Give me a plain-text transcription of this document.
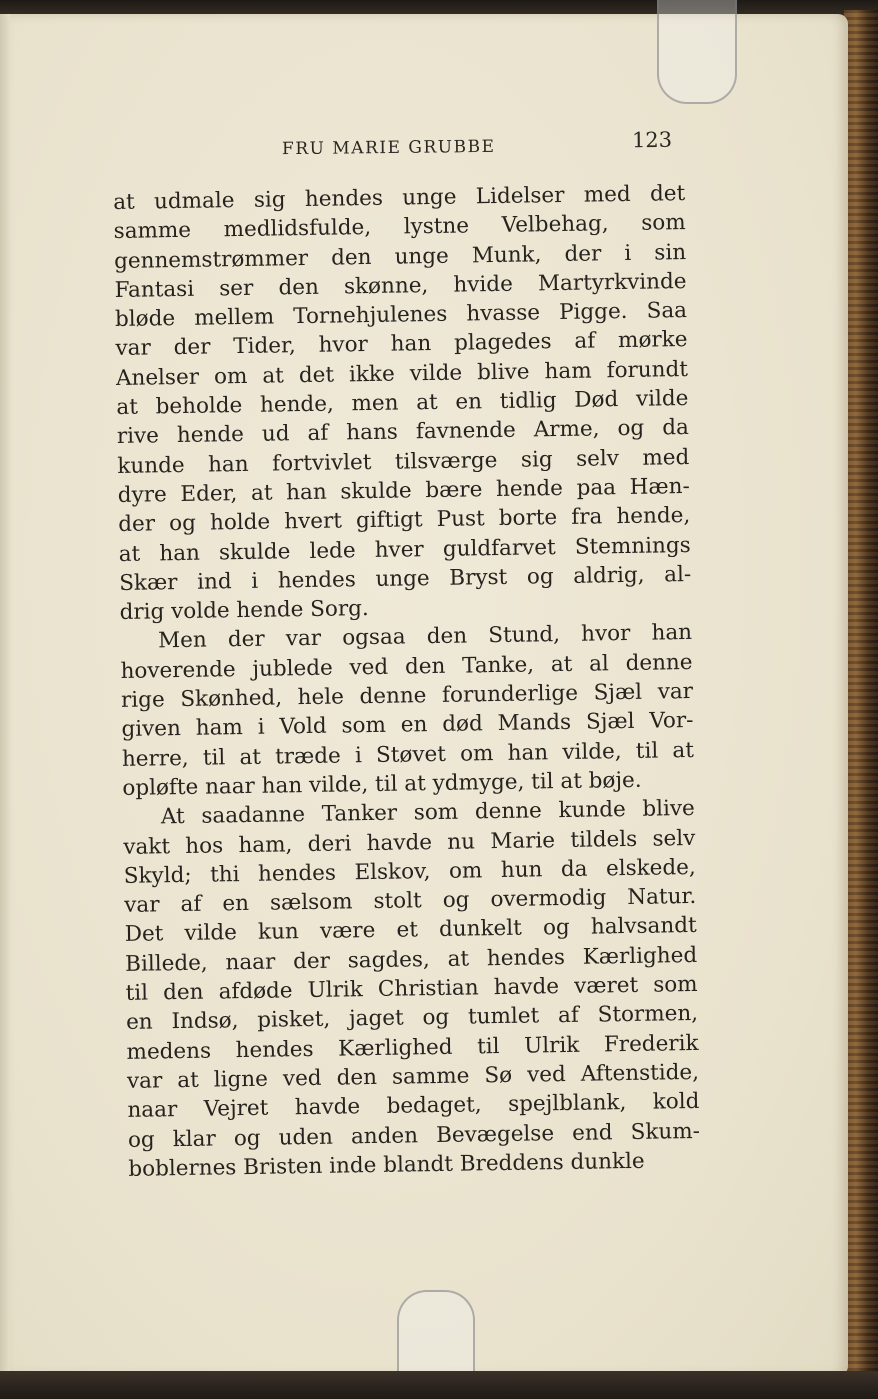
FRU MARIE GRUBBE	123
at udmale sig hendes unge Lidelser med det
samme medlidsfulde, lystne Velbehag, som
gennemstrømmer den unge Munk, der i sin
Fantasi ser den skønne, hvide Martyrkvinde
bløde mellem Tornehjulenes hvasse Pigge. Saa
var der Tider, hvor han plagedes af mørke
Anelser om at det ikke vilde blive ham forundt
at beholde hende, men at en tidlig Død vilde
rive hende ud af hans favnende Arme, og da
kunde han fortvivlet tilsværge sig selv med
dyre Eder, at han skulde bære hende paa Hæn-
der og holde hvert giftigt Pust borte fra hende,
at han skulde lede hver guldfarvet Stemnings
Skær ind i hendes unge Bryst og aldrig, al-
drig volde hende Sorg.
Men der var ogsaa den Stund, hvor han
hoverende jublede ved den Tanke, at al denne
rige Skønhed, hele denne forunderlige Sjæl var
given ham i Vold som en død Mands Sjæl Vor-
herre, til at træde i Støvet om han vilde, til at
opløfte naar han vilde, til at ydmyge, til at bøje.
At saadanne Tanker som denne kunde blive
vakt hos ham, deri havde nu Marie tildels selv
Skyld; thi hendes Elskov, om hun da elskede,
var af en sælsom stolt og overmodig Natur.
Det vilde kun være et dunkelt og halvsandt
Billede, naar der sagdes, at hendes Kærlighed
til den afdøde Ulrik Christian havde været som
en Indsø, pisket, jaget og tumlet af Stormen,
medens hendes Kærlighed til Ulrik Frederik
var at ligne ved den samme Sø ved Aftenstide,
naar Vejret havde bedaget, spejlblank, kold
og klar og uden anden Bevægelse end Skum-
boblernes Bristen inde blandt Breddens dunkle
